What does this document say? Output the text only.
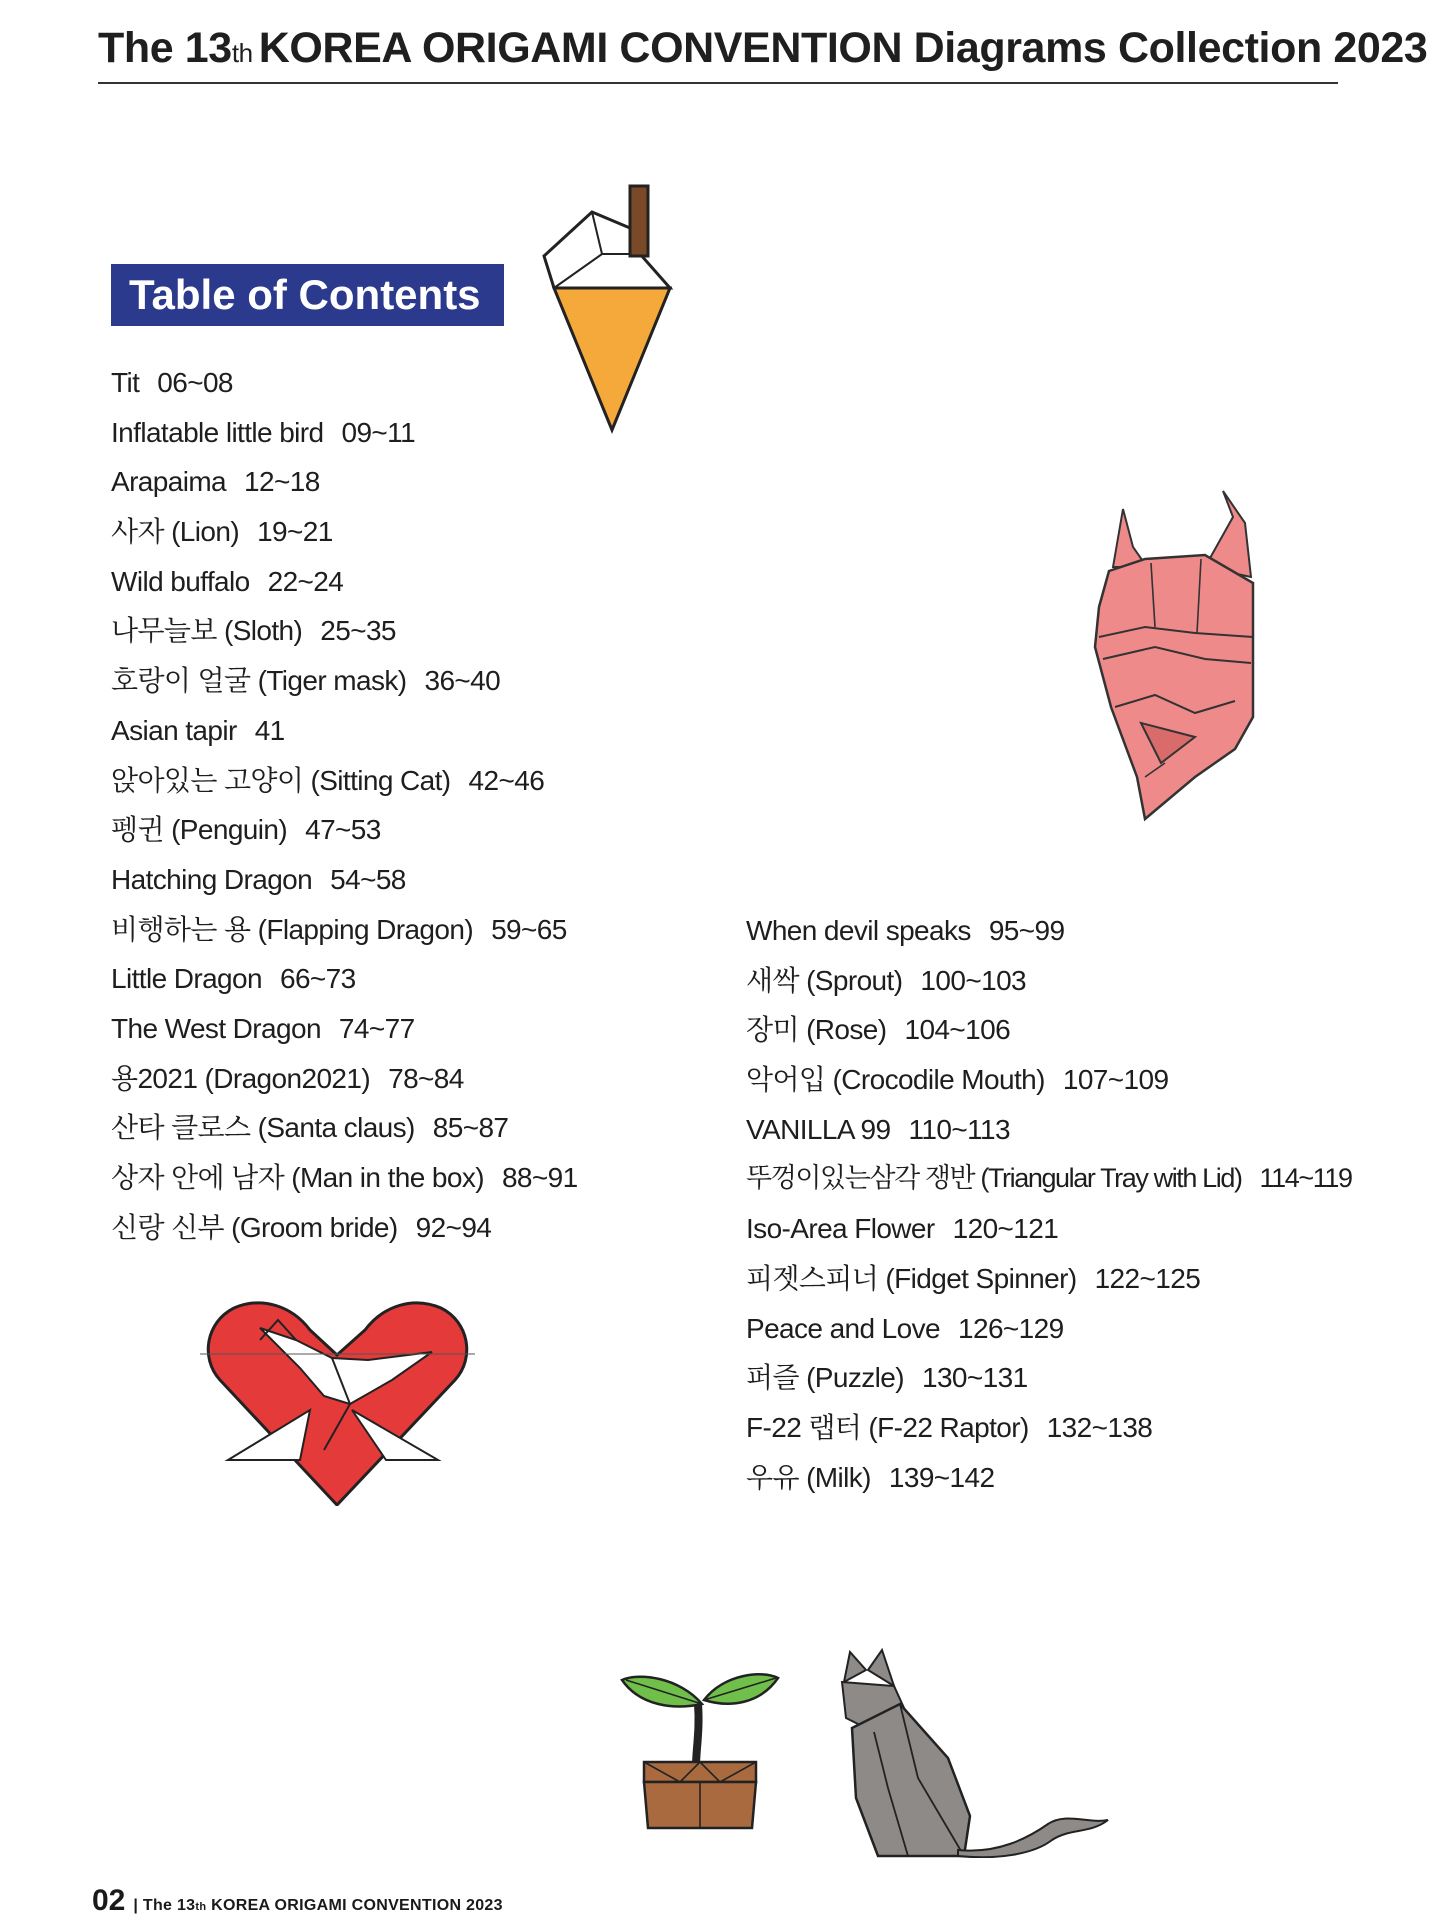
The 13th KOREA ORIGAMI CONVENTION Diagrams Collection 2023
Table of Contents
Tit 06~08
Inflatable little bird 09~11
Arapaima 12~18
사자 (Lion) 19~21
Wild buffalo 22~24
나무늘보 (Sloth) 25~35
호랑이 얼굴 (Tiger mask) 36~40
Asian tapir 41
앉아있는 고양이 (Sitting Cat) 42~46
펭귄 (Penguin) 47~53
Hatching Dragon 54~58
비행하는 용 (Flapping Dragon) 59~65
Little Dragon 66~73
The West Dragon 74~77
용2021 (Dragon2021) 78~84
산타 클로스 (Santa claus) 85~87
상자 안에 남자 (Man in the box) 88~91
신랑 신부 (Groom bride) 92~94
When devil speaks 95~99
새싹 (Sprout) 100~103
장미 (Rose) 104~106
악어입 (Crocodile Mouth) 107~109
VANILLA 99 110~113
뚜껑이있는삼각 쟁반 (Triangular Tray with Lid) 114~119
Iso-Area Flower 120~121
피젯스피너 (Fidget Spinner) 122~125
Peace and Love 126~129
퍼즐 (Puzzle) 130~131
F-22 랩터 (F-22 Raptor) 132~138
우유 (Milk) 139~142
02 | The 13th KOREA ORIGAMI CONVENTION 2023
